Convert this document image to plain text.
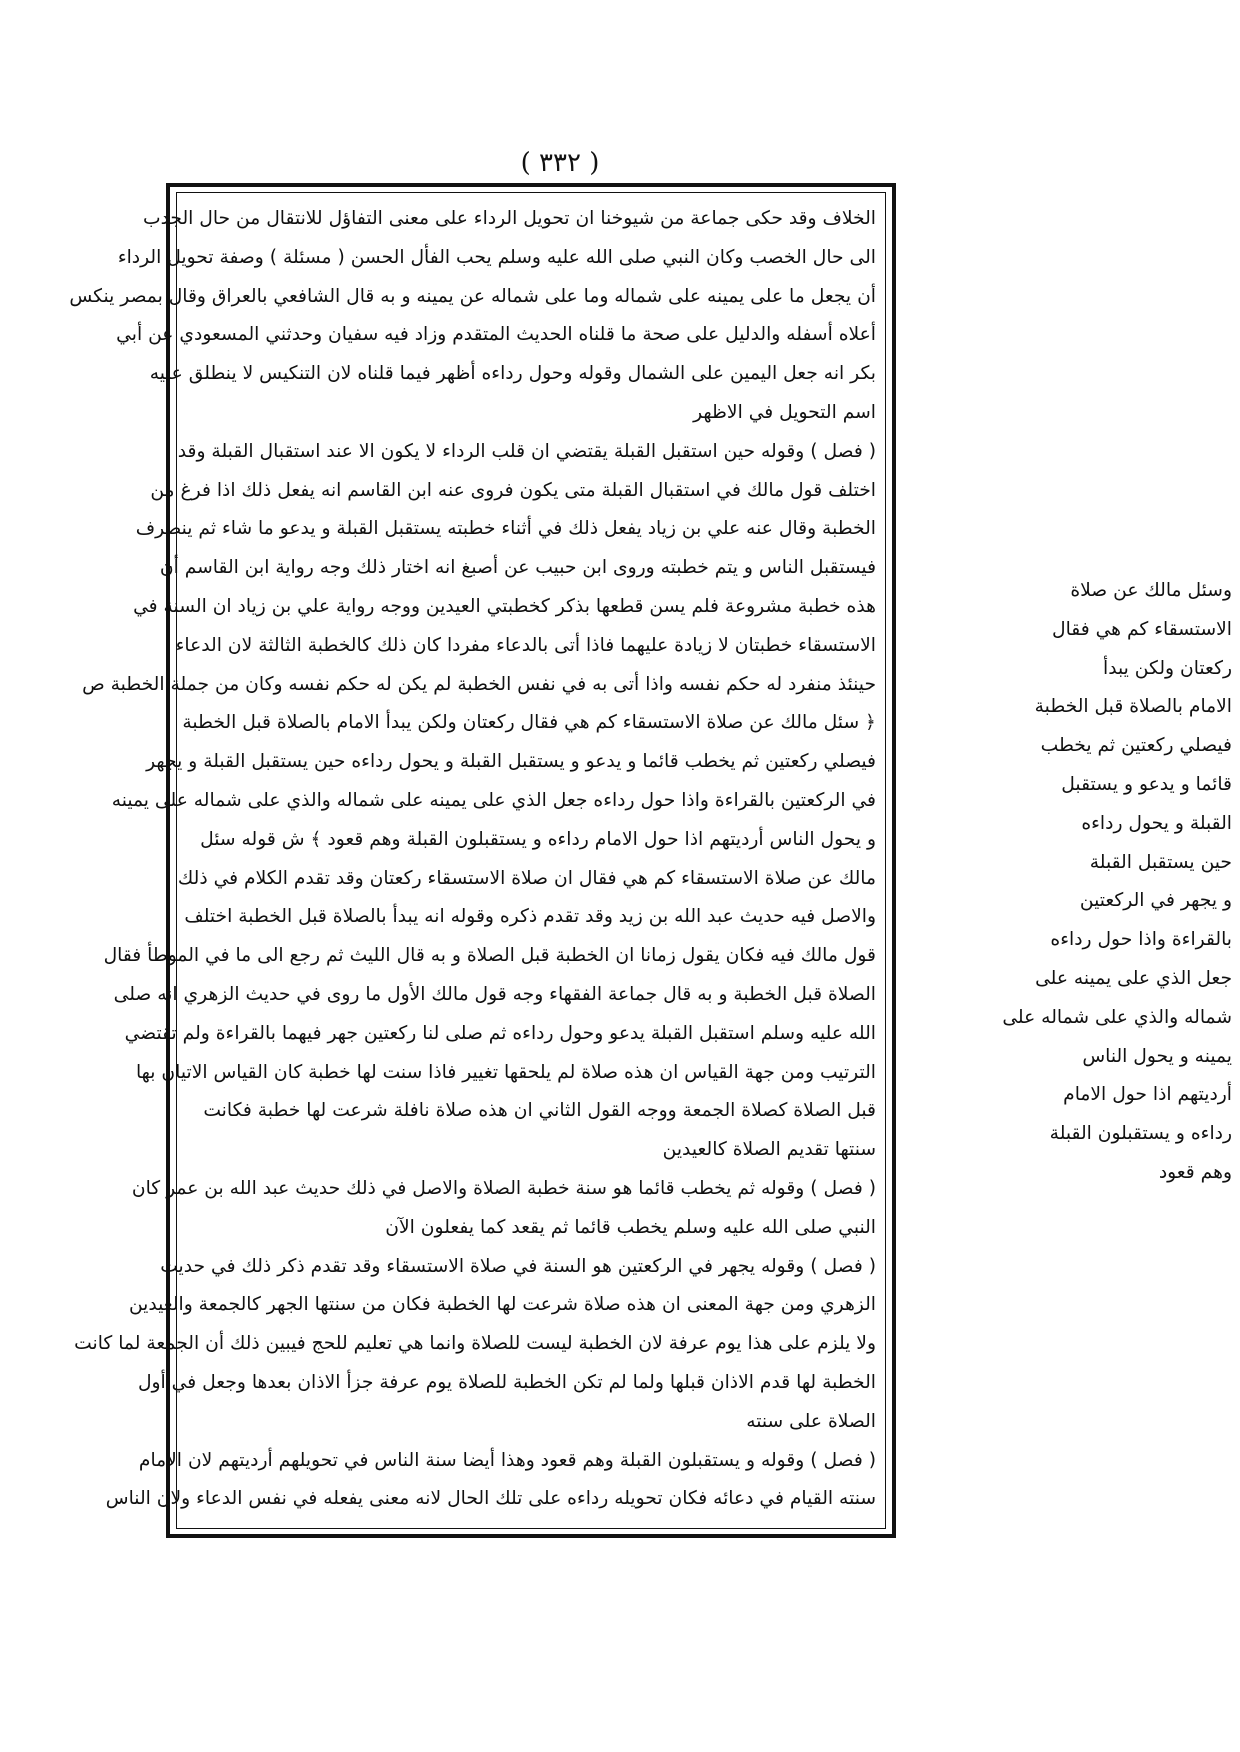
( ٣٣٢ )
الخلاف وقد حكى جماعة من شيوخنا ان تحويل الرداء على معنى التفاؤل للانتقال من حال الجدب
الى حال الخصب وكان النبي صلى الله عليه وسلم يحب الفأل الحسن ( مسئلة ) وصفة تحويل الرداء
أن يجعل ما على يمينه على شماله وما على شماله عن يمينه و به قال الشافعي بالعراق وقال بمصر ينكس
أعلاه أسفله والدليل على صحة ما قلناه الحديث المتقدم وزاد فيه سفيان وحدثني المسعودي عن أبي
بكر انه جعل اليمين على الشمال وقوله وحول رداءه أظهر فيما قلناه لان التنكيس لا ينطلق عليه
اسم التحويل في الاظهر
( فصل ) وقوله حين استقبل القبلة يقتضي ان قلب الرداء لا يكون الا عند استقبال القبلة وقد
اختلف قول مالك في استقبال القبلة متى يكون فروى عنه ابن القاسم انه يفعل ذلك اذا فرغ من
الخطبة وقال عنه علي بن زياد يفعل ذلك في أثناء خطبته يستقبل القبلة و يدعو ما شاء ثم ينصرف
فيستقبل الناس و يتم خطبته وروى ابن حبيب عن أصبغ انه اختار ذلك وجه رواية ابن القاسم أن
هذه خطبة مشروعة فلم يسن قطعها بذكر كخطبتي العيدين ووجه رواية علي بن زياد ان السنة في
الاستسقاء خطبتان لا زيادة عليهما فاذا أتى بالدعاء مفردا كان ذلك كالخطبة الثالثة لان الدعاء
حينئذ منفرد له حكم نفسه واذا أتى به في نفس الخطبة لم يكن له حكم نفسه وكان من جملة الخطبة ص
﴿ سئل مالك عن صلاة الاستسقاء كم هي فقال ركعتان ولكن يبدأ الامام بالصلاة قبل الخطبة
فيصلي ركعتين ثم يخطب قائما و يدعو و يستقبل القبلة و يحول رداءه حين يستقبل القبلة و يجهر
في الركعتين بالقراءة واذا حول رداءه جعل الذي على يمينه على شماله والذي على شماله على يمينه
و يحول الناس أرديتهم اذا حول الامام رداءه و يستقبلون القبلة وهم قعود ﴾ ش قوله سئل
مالك عن صلاة الاستسقاء كم هي فقال ان صلاة الاستسقاء ركعتان وقد تقدم الكلام في ذلك
والاصل فيه حديث عبد الله بن زيد وقد تقدم ذكره وقوله انه يبدأ بالصلاة قبل الخطبة اختلف
قول مالك فيه فكان يقول زمانا ان الخطبة قبل الصلاة و به قال الليث ثم رجع الى ما في الموطأ فقال
الصلاة قبل الخطبة و به قال جماعة الفقهاء وجه قول مالك الأول ما روى في حديث الزهري انه صلى
الله عليه وسلم استقبل القبلة يدعو وحول رداءه ثم صلى لنا ركعتين جهر فيهما بالقراءة ولم تقتضي
الترتيب ومن جهة القياس ان هذه صلاة لم يلحقها تغيير فاذا سنت لها خطبة كان القياس الاتيان بها
قبل الصلاة كصلاة الجمعة ووجه القول الثاني ان هذه صلاة نافلة شرعت لها خطبة فكانت
سنتها تقديم الصلاة كالعيدين
( فصل ) وقوله ثم يخطب قائما هو سنة خطبة الصلاة والاصل في ذلك حديث عبد الله بن عمر كان
النبي صلى الله عليه وسلم يخطب قائما ثم يقعد كما يفعلون الآن
( فصل ) وقوله يجهر في الركعتين هو السنة في صلاة الاستسقاء وقد تقدم ذكر ذلك في حديث
الزهري ومن جهة المعنى ان هذه صلاة شرعت لها الخطبة فكان من سنتها الجهر كالجمعة والعيدين
ولا يلزم على هذا يوم عرفة لان الخطبة ليست للصلاة وانما هي تعليم للحج فيبين ذلك أن الجمعة لما كانت
الخطبة لها قدم الاذان قبلها ولما لم تكن الخطبة للصلاة يوم عرفة جزأ الاذان بعدها وجعل في أول
الصلاة على سنته
( فصل ) وقوله و يستقبلون القبلة وهم قعود وهذا أيضا سنة الناس في تحويلهم أرديتهم لان الامام
سنته القيام في دعائه فكان تحويله رداءه على تلك الحال لانه معنى يفعله في نفس الدعاء ولان الناس
وسئل مالك عن صلاة
الاستسقاء كم هي فقال
ركعتان ولكن يبدأ
الامام بالصلاة قبل الخطبة
فيصلي ركعتين ثم يخطب
قائما و يدعو و يستقبل
القبلة و يحول رداءه
حين يستقبل القبلة
و يجهر في الركعتين
بالقراءة واذا حول رداءه
جعل الذي على يمينه على
شماله والذي على شماله على
يمينه و يحول الناس
أرديتهم اذا حول الامام
رداءه و يستقبلون القبلة
وهم قعود
